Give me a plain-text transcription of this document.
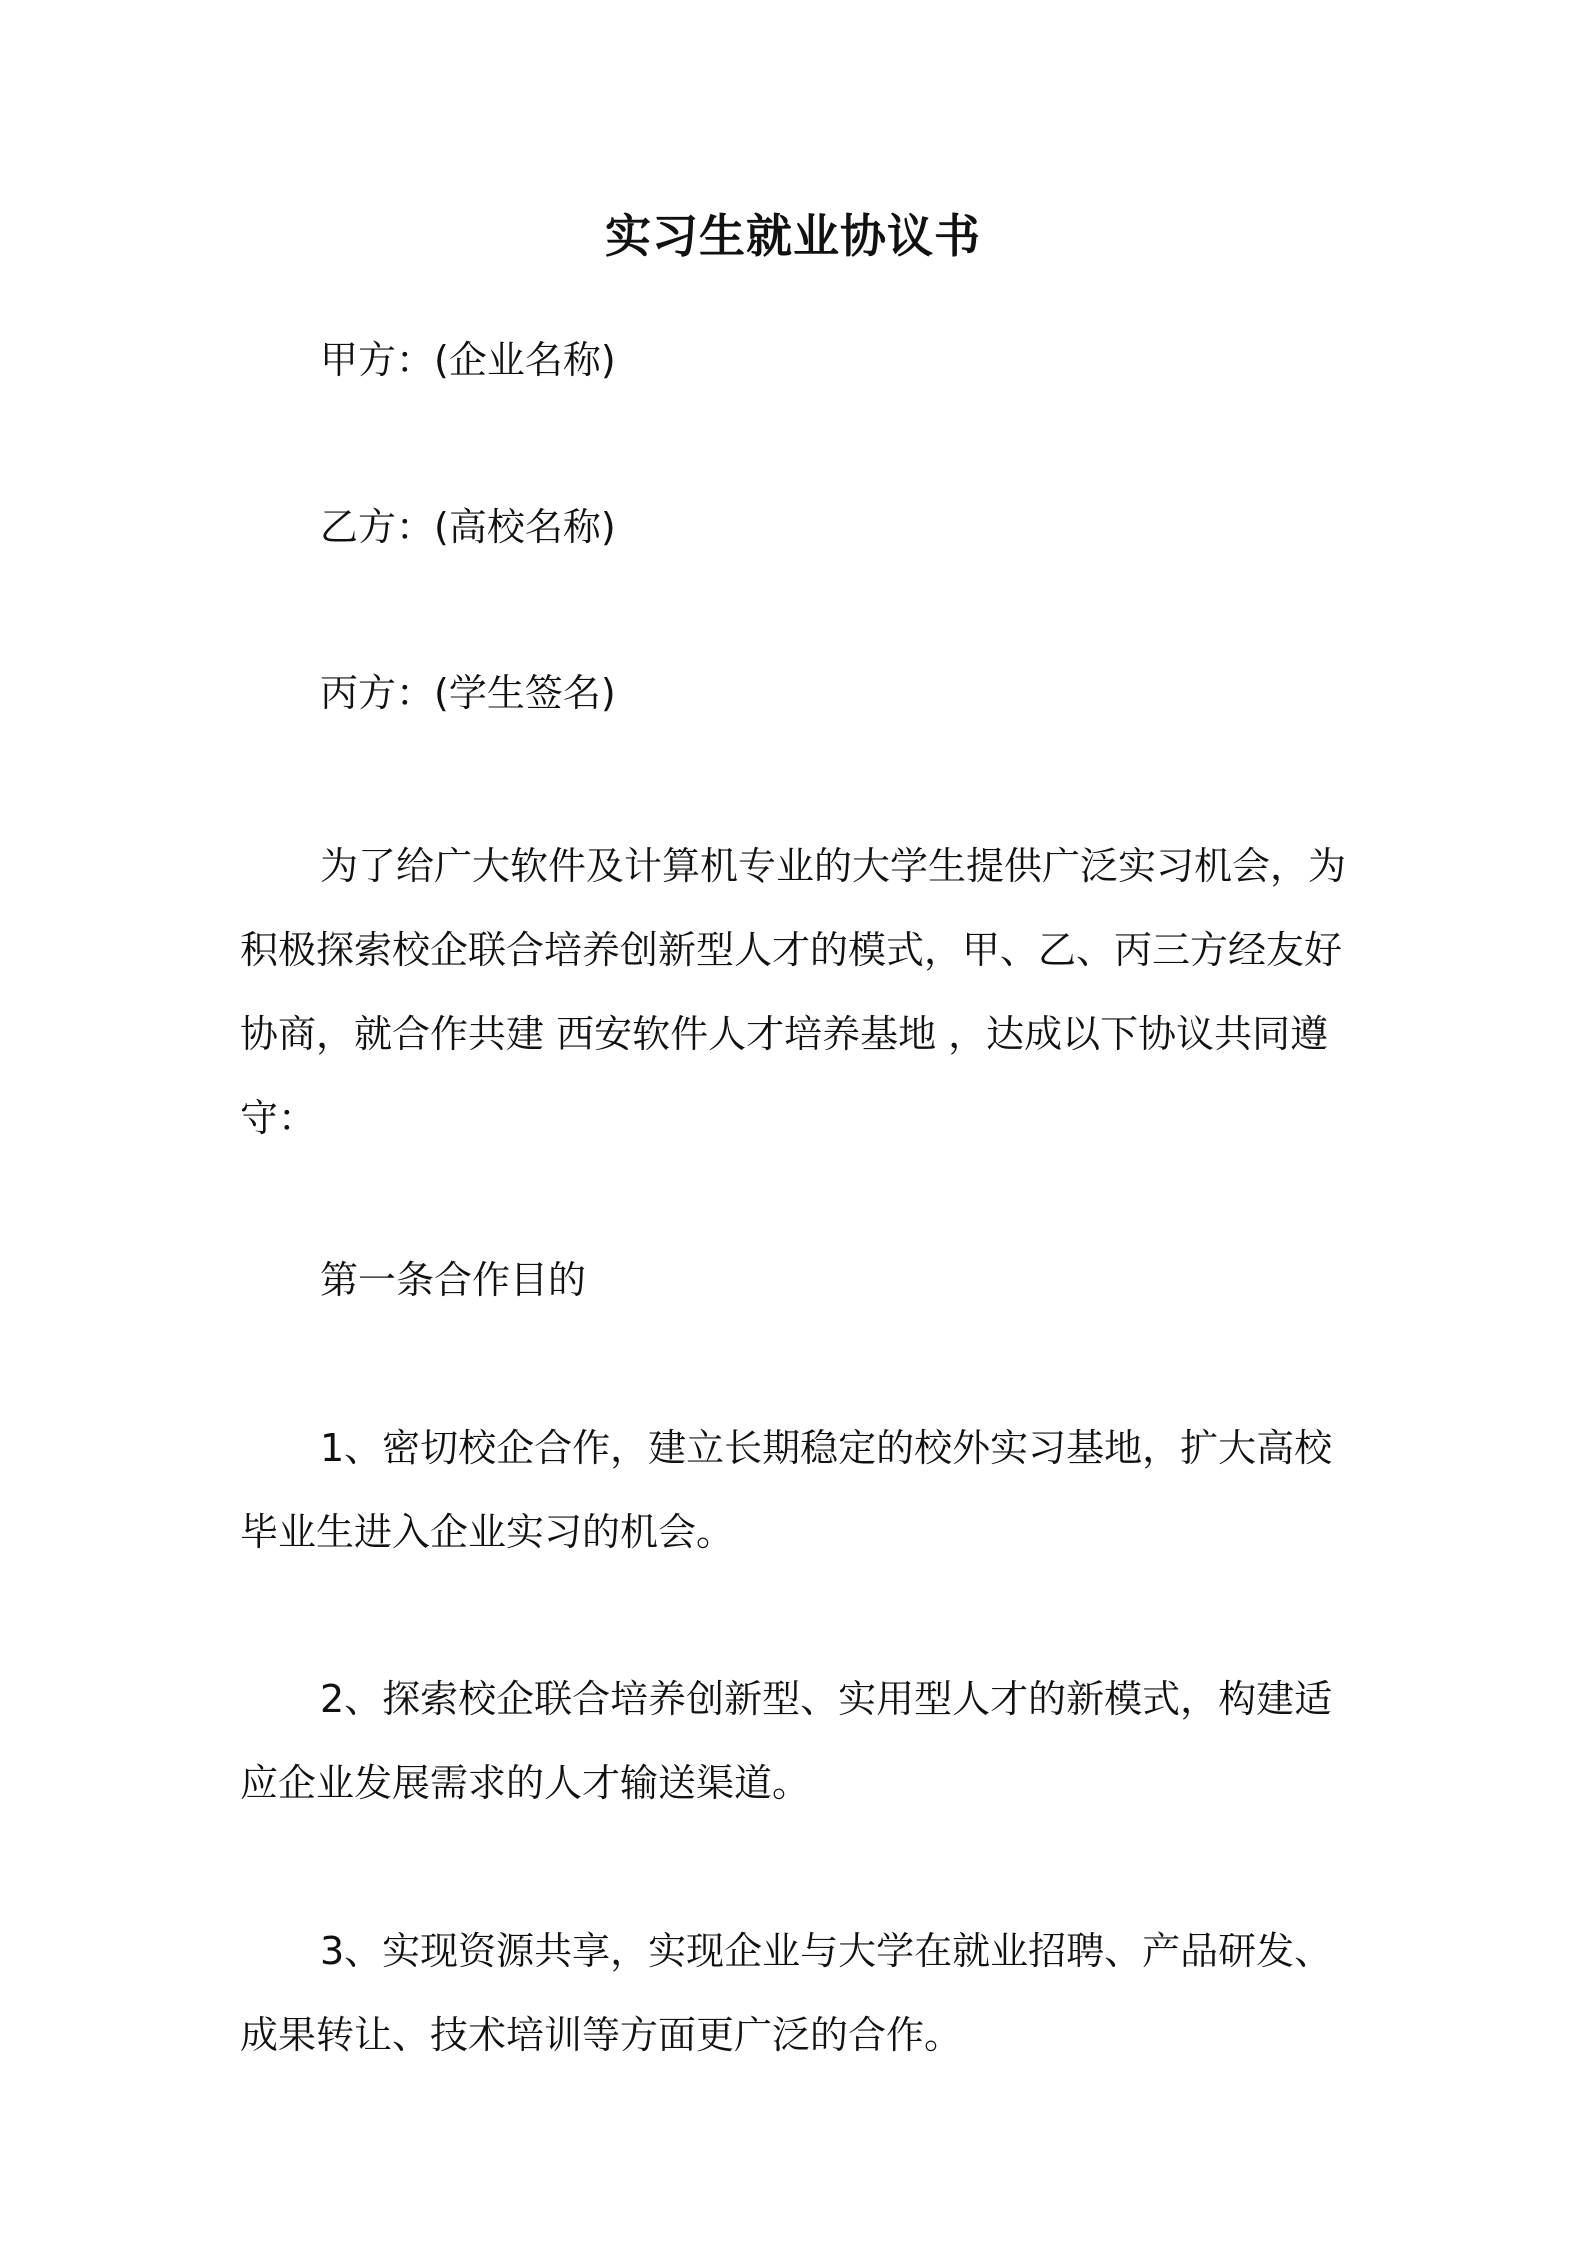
实习生就业协议书
甲方：(企业名称)
乙方：(高校名称)
丙方：(学生签名)

为了给广大软件及计算机专业的大学生提供广泛实习机会，为积极探索校企联合培养创新型人才的模式，甲、乙、丙三方经友好协商，就合作共建 西安软件人才培养基地 ，达成以下协议共同遵守：

第一条合作目的

1、密切校企合作，建立长期稳定的校外实习基地，扩大高校毕业生进入企业实习的机会。

2、探索校企联合培养创新型、实用型人才的新模式，构建适应企业发展需求的人才输送渠道。

3、实现资源共享，实现企业与大学在就业招聘、产品研发、成果转让、技术培训等方面更广泛的合作。
